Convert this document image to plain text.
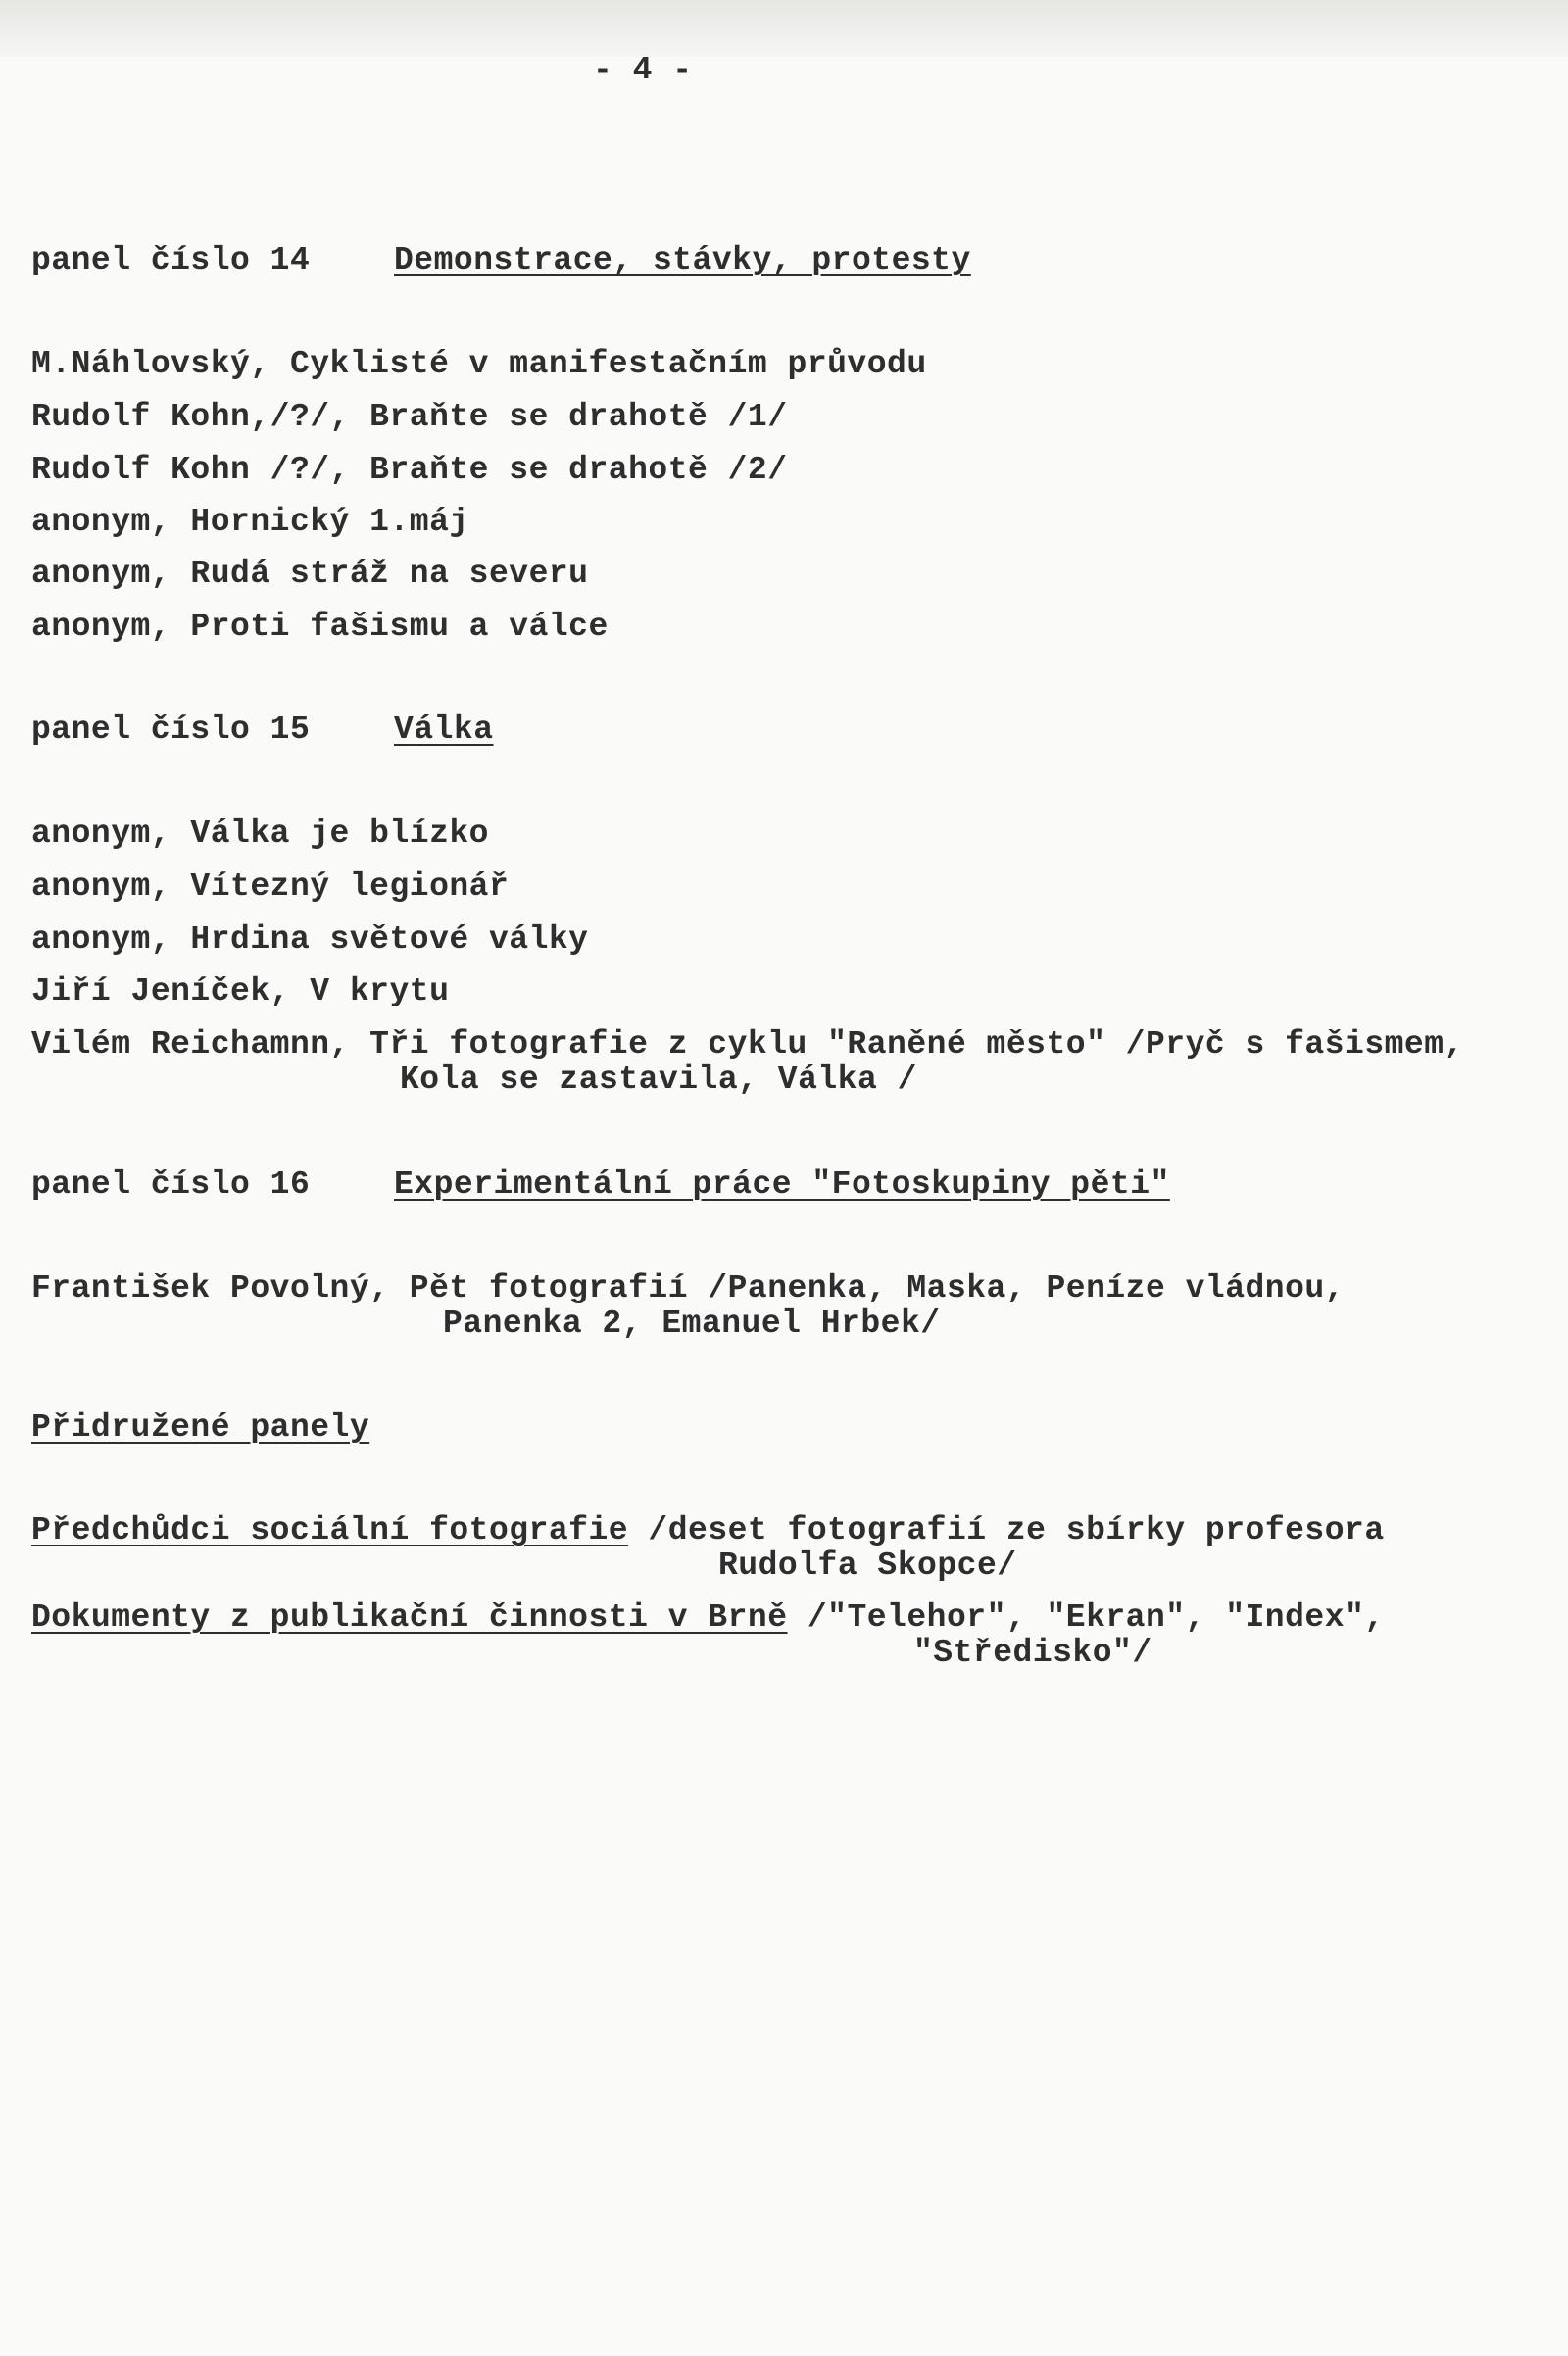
- 4 -
panel číslo 14	Demonstrace, stávky, protesty
M.Náhlovský, Cyklisté v manifestačním průvodu
Rudolf Kohn,/?/, Braňte se drahotě /1/
Rudolf Kohn /?/, Braňte se drahotě /2/
anonym, Hornický 1.máj
anonym, Rudá stráž na severu
anonym, Proti fašismu a válce
panel číslo 15	Válka
anonym, Válka je blízko
anonym, Vítezný legionář
anonym, Hrdina světové války
Jiří Jeníček, V krytu
Vilém Reichamnn, Tři fotografie z cyklu "Raněné město" /Pryč s fašismem,
Kola se zastavila, Válka /
panel číslo 16	Experimentální práce "Fotoskupiny pěti"
František Povolný, Pět fotografií /Panenka, Maska, Peníze vládnou,
Panenka 2, Emanuel Hrbek/
Přidružené panely
Předchůdci sociální fotografie /deset fotografií ze sbírky profesora
Rudolfa Skopce/
Dokumenty z publikační činnosti v Brně /"Telehor", "Ekran", "Index",
"Středisko"/
